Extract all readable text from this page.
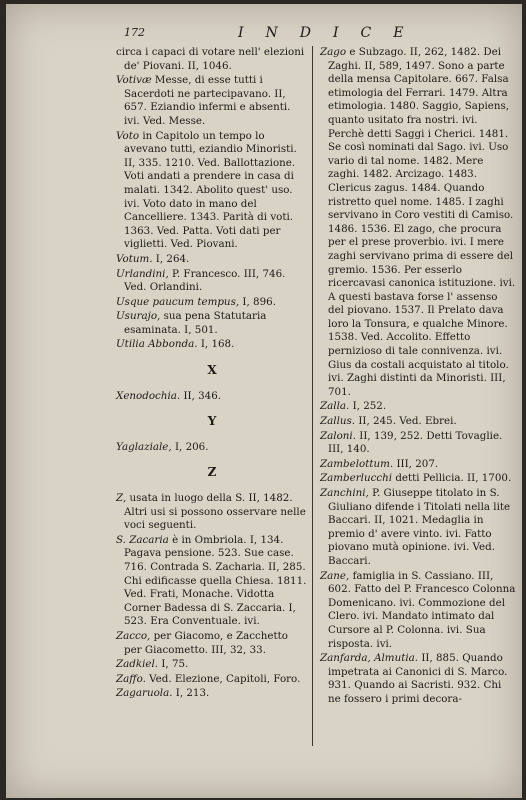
172	INDICE

circa i capaci di votare nell' elezioni de' Piovani. II, 1046.

Votivæ Messe, di esse tutti i Sacerdoti ne partecipavano. II, 657. Eziandio infermi e absenti. ivi. Ved. Messe.

Voto in Capitolo un tempo lo avevano tutti, eziandio Minoristi. II, 335. 1210. Ved. Ballottazione. Voti andati a prendere in casa di malati. 1342. Abolito quest' uso. ivi. Voto dato in mano del Cancelliere. 1343. Parità di voti. 1363. Ved. Patta. Voti dati per viglietti. Ved. Piovani.

Votum. I, 264.

Urlandini, P. Francesco. III, 746. Ved. Orlandini.

Usque paucum tempus, I, 896.

Usurajo, sua pena Statutaria esaminata. I, 501.

Utilia Abbonda. I, 168.

X

Xenodochia. II, 346.

Y

Yaglaziale, I, 206.

Z

Z, usata in luogo della S. II, 1482. Altri usi si possono osservare nelle voci seguenti.

S. Zacaria è in Ombriola. I, 134. Pagava pensione. 523. Sue case. 716. Contrada S. Zacharia. II, 285. Chi edificasse quella Chiesa. 1811. Ved. Frati, Monache. Vidotta Corner Badessa di S. Zaccaria. I, 523. Era Conventuale. ivi.

Zacco, per Giacomo, e Zacchetto per Giacometto. III, 32, 33.

Zadkiel. I, 75.

Zaffo. Ved. Elezione, Capitoli, Foro.

Zagaruola. I, 213.

Zago e Subzago. II, 262, 1482. Dei Zaghi. II, 589, 1497. Sono a parte della mensa Capitolare. 667. Falsa etimologia del Ferrari. 1479. Altra etimologia. 1480. Saggio, Sapiens, quanto usitato fra nostri. ivi. Perchè detti Saggi i Cherici. 1481. Se così nominati dal Sago. ivi. Uso vario di tal nome. 1482. Mere zaghi. 1482. Arcizago. 1483. Clericus zagus. 1484. Quando ristretto quel nome. 1485. I zaghi servivano in Coro vestiti di Camiso. 1486. 1536. El zago, che procura per el prese proverbio. ivi. I mere zaghi servivano prima di essere del gremio. 1536. Per esserlo ricercavasi canonica istituzione. ivi. A questi bastava forse l' assenso del piovano. 1537. Il Prelato dava loro la Tonsura, e qualche Minore. 1538. Ved. Accolito. Effetto pernizioso di tale connivenza. ivi. Gius da costali acquistato al titolo. ivi. Zaghi distinti da Minoristi. III, 701.

Zalla. I, 252.

Zallus. II, 245. Ved. Ebrei.

Zaloni. II, 139, 252. Detti Tovaglie. III, 140.

Zambelottum. III, 207.

Zamberlucchi detti Pellicia. II, 1700.

Zanchini, P. Giuseppe titolato in S. Giuliano difende i Titolati nella lite Baccari. II, 1021. Medaglia in premio d' avere vinto. ivi. Fatto piovano mutà opinione. ivi. Ved. Baccari.

Zane, famiglia in S. Cassiano. III, 602. Fatto del P. Francesco Colonna Domenicano. ivi. Commozione del Clero. ivi. Mandato intimato dal Cursore al P. Colonna. ivi. Sua risposta. ivi.

Zanfarda, Almutia. II, 885. Quando impetrata ai Canonici di S. Marco. 931. Quando ai Sacristi. 932. Chi ne fossero i primi decora-
